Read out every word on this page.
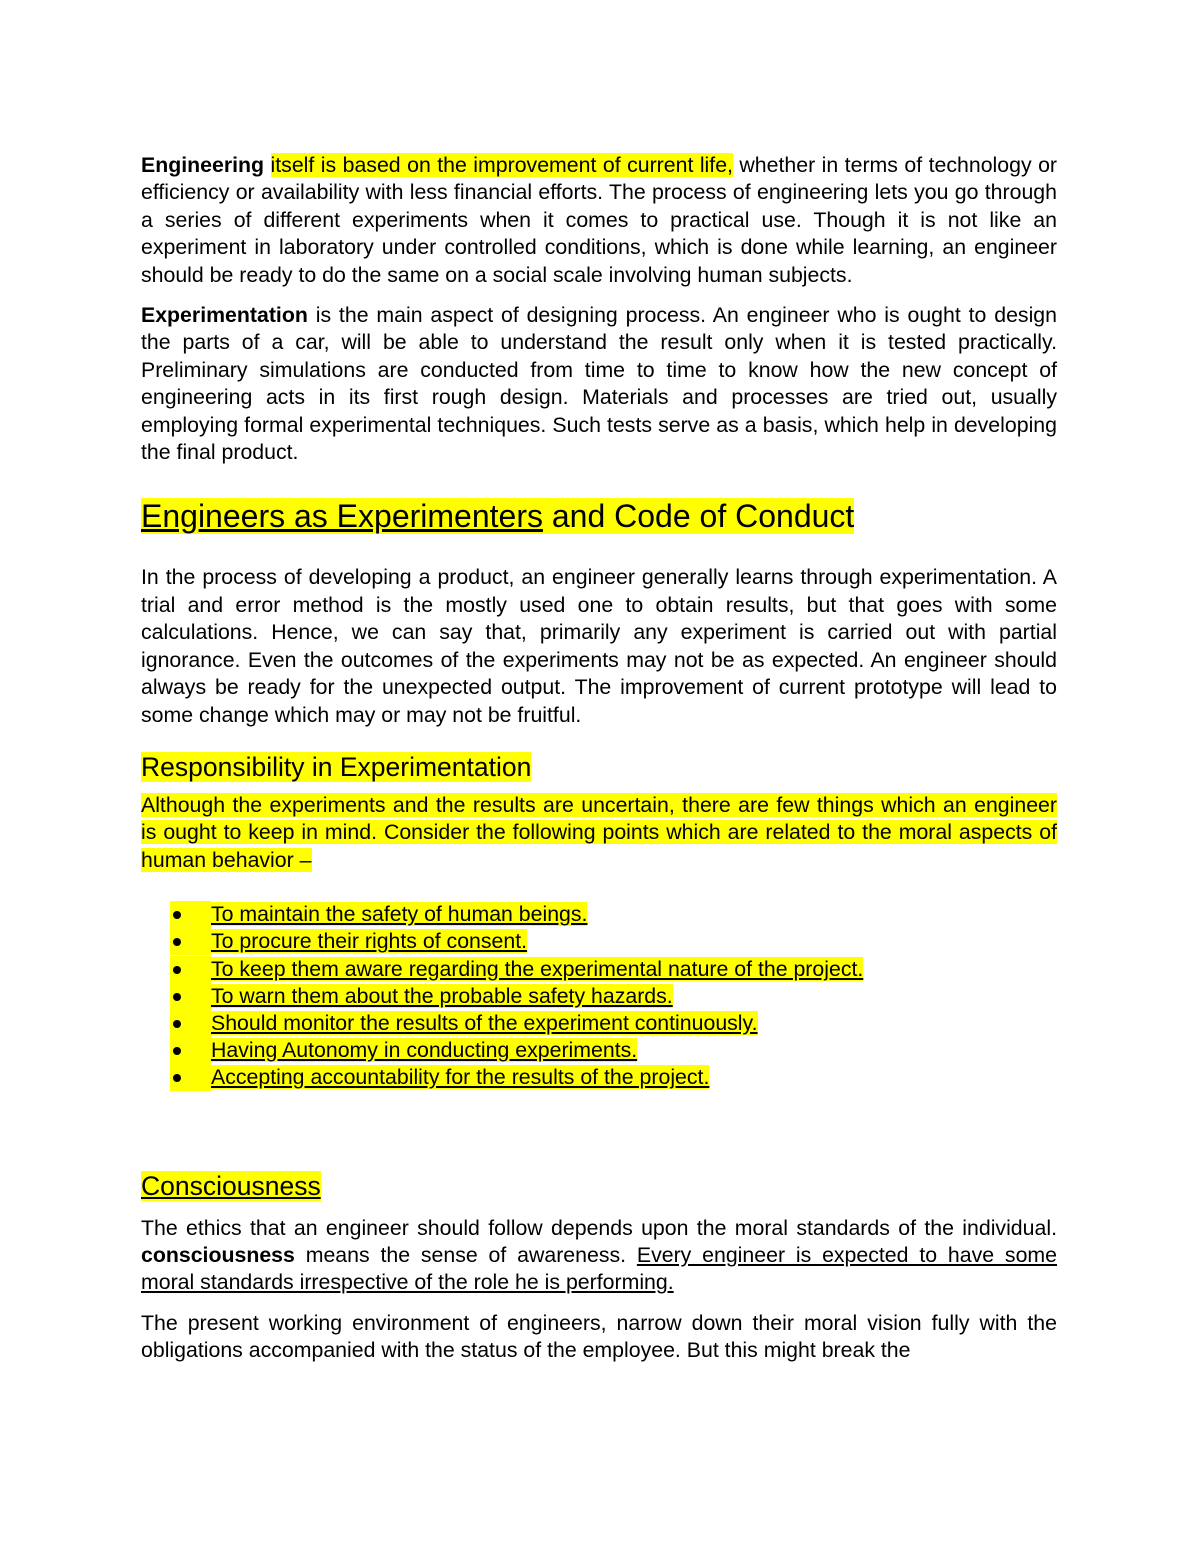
Engineering itself is based on the improvement of current life, whether in terms of technology or efficiency or availability with less financial efforts. The process of engineering lets you go through a series of different experiments when it comes to practical use. Though it is not like an experiment in laboratory under controlled conditions, which is done while learning, an engineer should be ready to do the same on a social scale involving human subjects.

Experimentation is the main aspect of designing process. An engineer who is ought to design the parts of a car, will be able to understand the result only when it is tested practically. Preliminary simulations are conducted from time to time to know how the new concept of engineering acts in its first rough design. Materials and processes are tried out, usually employing formal experimental techniques. Such tests serve as a basis, which help in developing the final product.

Engineers as Experimenters and Code of Conduct

In the process of developing a product, an engineer generally learns through experimentation. A trial and error method is the mostly used one to obtain results, but that goes with some calculations. Hence, we can say that, primarily any experiment is carried out with partial ignorance. Even the outcomes of the experiments may not be as expected. An engineer should always be ready for the unexpected output. The improvement of current prototype will lead to some change which may or may not be fruitful.

Responsibility in Experimentation

Although the experiments and the results are uncertain, there are few things which an engineer is ought to keep in mind. Consider the following points which are related to the moral aspects of human behavior –

To maintain the safety of human beings.
To procure their rights of consent.
To keep them aware regarding the experimental nature of the project.
To warn them about the probable safety hazards.
Should monitor the results of the experiment continuously.
Having Autonomy in conducting experiments.
Accepting accountability for the results of the project.
Consciousness

The ethics that an engineer should follow depends upon the moral standards of the individual. consciousness means the sense of awareness. Every engineer is expected to have some moral standards irrespective of the role he is performing.

The present working environment of engineers, narrow down their moral vision fully with the obligations accompanied with the status of the employee. But this might break the
